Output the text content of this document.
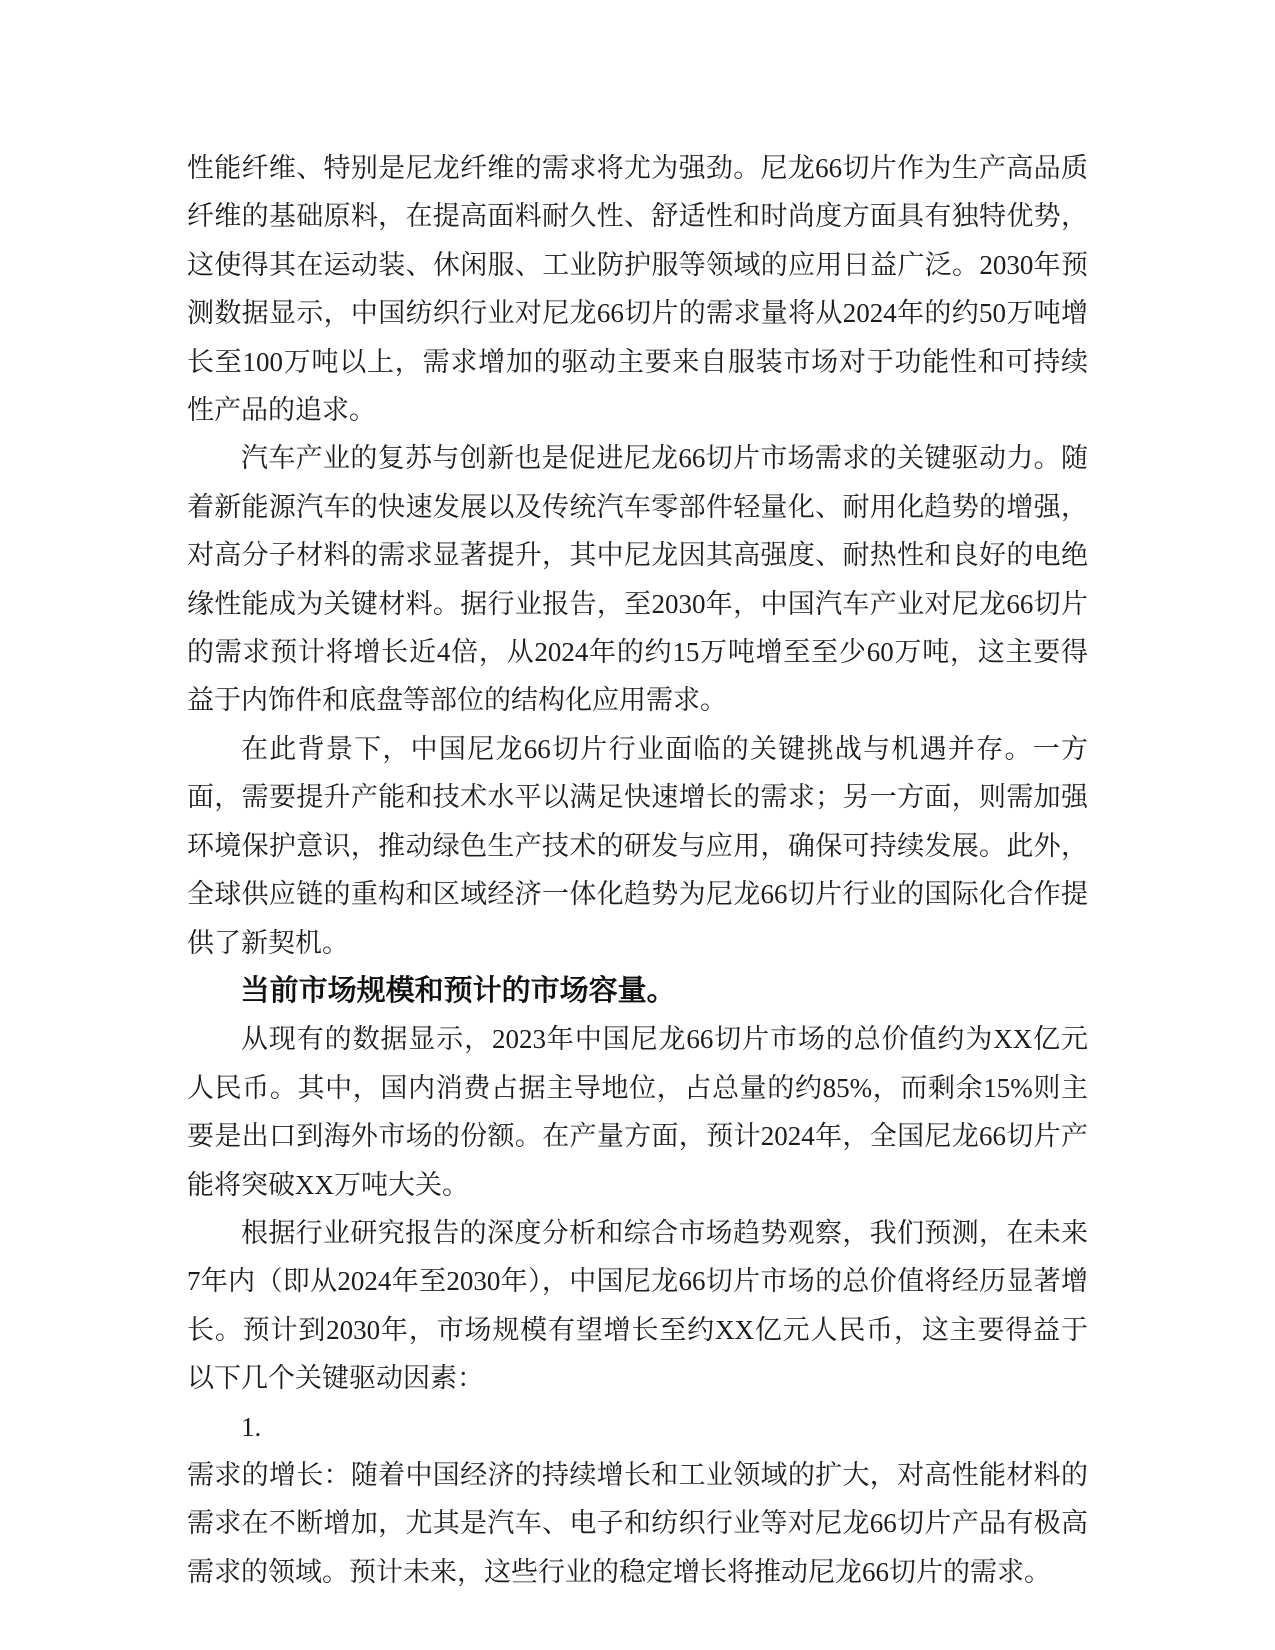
性能纤维、特别是尼龙纤维的需求将尤为强劲。尼龙66切片作为生产高品质纤维的基础原料，在提高面料耐久性、舒适性和时尚度方面具有独特优势，这使得其在运动装、休闲服、工业防护服等领域的应用日益广泛。2030年预测数据显示，中国纺织行业对尼龙66切片的需求量将从2024年的约50万吨增长至100万吨以上，需求增加的驱动主要来自服装市场对于功能性和可持续性产品的追求。

汽车产业的复苏与创新也是促进尼龙66切片市场需求的关键驱动力。随着新能源汽车的快速发展以及传统汽车零部件轻量化、耐用化趋势的增强，对高分子材料的需求显著提升，其中尼龙因其高强度、耐热性和良好的电绝缘性能成为关键材料。据行业报告，至2030年，中国汽车产业对尼龙66切片的需求预计将增长近4倍，从2024年的约15万吨增至至少60万吨，这主要得益于内饰件和底盘等部位的结构化应用需求。

在此背景下，中国尼龙66切片行业面临的关键挑战与机遇并存。一方面，需要提升产能和技术水平以满足快速增长的需求；另一方面，则需加强环境保护意识，推动绿色生产技术的研发与应用，确保可持续发展。此外，全球供应链的重构和区域经济一体化趋势为尼龙66切片行业的国际化合作提供了新契机。

当前市场规模和预计的市场容量。

从现有的数据显示，2023年中国尼龙66切片市场的总价值约为XX亿元人民币。其中，国内消费占据主导地位，占总量的约85%，而剩余15%则主要是出口到海外市场的份额。在产量方面，预计2024年，全国尼龙66切片产能将突破XX万吨大关。

根据行业研究报告的深度分析和综合市场趋势观察，我们预测，在未来7年内（即从2024年至2030年），中国尼龙66切片市场的总价值将经历显著增长。预计到2030年，市场规模有望增长至约XX亿元人民币，这主要得益于以下几个关键驱动因素：

1.

需求的增长：随着中国经济的持续增长和工业领域的扩大，对高性能材料的需求在不断增加，尤其是汽车、电子和纺织行业等对尼龙66切片产品有极高需求的领域。预计未来，这些行业的稳定增长将推动尼龙66切片的需求。
